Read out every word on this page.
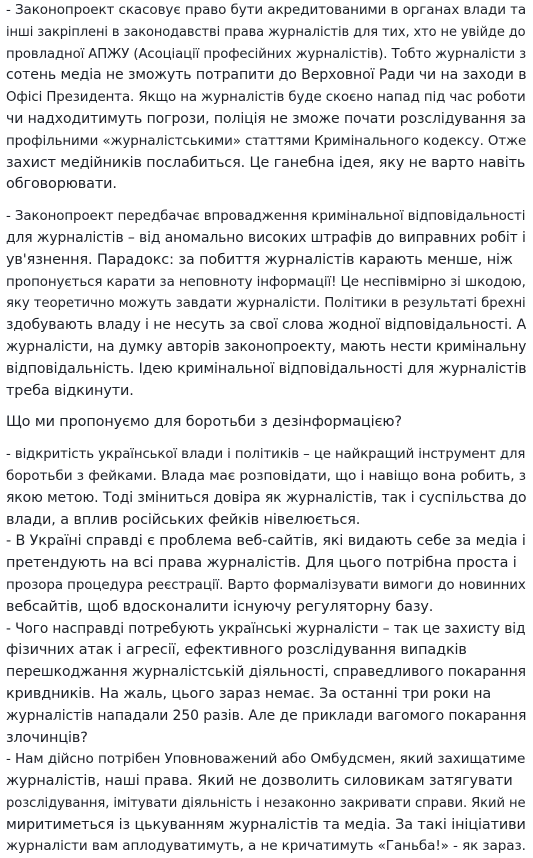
- Законопроект скасовує право бути акредитованими в органах влади та

інші закріплені в законодавстві права журналістів для тих, хто не увійде до

провладної АПЖУ (Асоціації професійних журналістів). Тобто журналісти з

сотень медіа не зможуть потрапити до Верховної Ради чи на заходи в

Офісі Президента. Якщо на журналістів буде скоєно напад під час роботи

чи надходитимуть погрози, поліція не зможе почати розслідування за

профільними «журналістськими» статтями Кримінального кодексу. Отже

захист медійників послабиться. Це ганебна ідея, яку не варто навіть

обговорювати.

- Законопроект передбачає впровадження кримінальної відповідальності

для журналістів – від аномально високих штрафів до виправних робіт і

ув'язнення. Парадокс: за побиття журналістів карають менше, ніж

пропонується карати за неповноту інформації! Це неспівмірно зі шкодою,

яку теоретично можуть завдати журналісти. Політики в результаті брехні

здобувають владу і не несуть за свої слова жодної відповідальності. А

журналісти, на думку авторів законопроекту, мають нести кримінальну

відповідальність. Ідею кримінальної відповідальності для журналістів

треба відкинути.

Що ми пропонуємо для боротьби з дезінформацією?

- відкритість української влади і політиків – це найкращий інструмент для

боротьби з фейками. Влада має розповідати, що і навіщо вона робить, з

якою метою. Тоді зміниться довіра як журналістів, так і суспільства до

влади, а вплив російських фейків нівелюється.

- В Україні справді є проблема веб-сайтів, які видають себе за медіа і

претендують на всі права журналістів. Для цього потрібна проста і

прозора процедура реєстрації. Варто формалізувати вимоги до новинних

вебсайтів, щоб вдосконалити існуючу регуляторну базу.

- Чого насправді потребують українські журналісти – так це захисту від

фізичних атак і агресії, ефективного розслідування випадків

перешкоджання журналістській діяльності, справедливого покарання

кривдників. На жаль, цього зараз немає. За останні три роки на

журналістів нападали 250 разів. Але де приклади вагомого покарання

злочинців?

- Нам дійсно потрібен Уповноважений або Омбудсмен, який захищатиме

журналістів, наші права. Який не дозволить силовикам затягувати

розслідування, імітувати діяльність і незаконно закривати справи. Який не

миритиметься із цькуванням журналістів та медіа. За такі ініціативи

журналісти вам аплодуватимуть, а не кричатимуть «Ганьба!» - як зараз.
